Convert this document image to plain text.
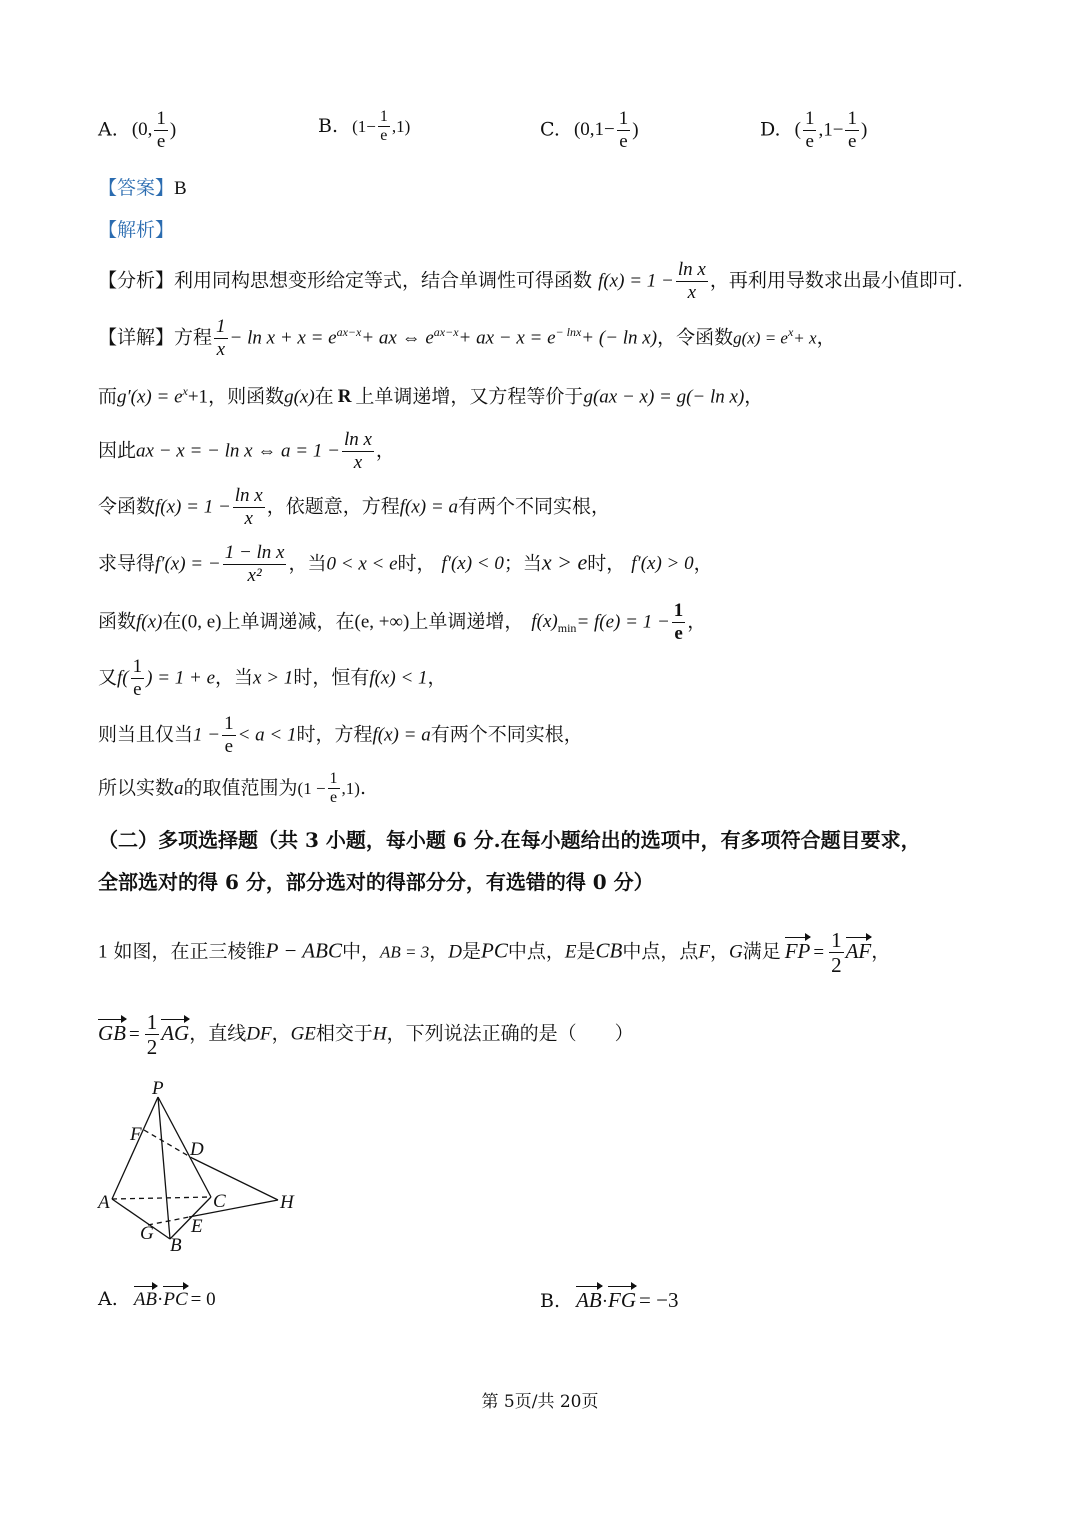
A. (0, $\frac{1}{e}$ )	B. $(1- \frac{1}{e} ,1)$	C. ($0,1- \frac{1}{e}$ )	D. ( $\frac{1}{e} ,1- \frac{1}{e}$ )
【答案】B
【解析】
【分析】利用同构思想变形给定等式，结合单调性可得函数 $f(x) = 1 - \frac{\text{ln x}}{x}$ ，再利用导数求出最小值即可.
【详解】方程 $\frac{1}{x} - \ln x + x = e^{ax-x}+$ ax ⇔ $e^{ax-x}+$ ax − $x = e^{- lnx}+$ (− ln x)，令函数$g(x) = e^x+ x$，
而$g'(x) = e^x+1$，则函数g(x)在 R 上单调递增，又方程等价于g(ax − x) = g(− ln x)，
因此ax − x = − ln x ⇔ $a = 1 - \frac{\text{ln x}}{x}$ ，
令函数$f(x) = 1 - \frac{\text{ln x}}{x}$ ，依题意，方程f(x) = a有两个不同实根，
求导得f′(x) = − $\frac{\text{1 − ln x}}{\text{x²}}$ ，当0 < x < e时， f′(x) < 0；当x > e时， f′(x) > 0，
函数f(x)在(0, e)上单调递减，在(e, +∞)上单调递增， $f(x)_{min}= f(e) = 1 - \frac{1}{e}$ ，
又$f( \frac{1}{e}$ ) = 1 + e，当x > 1时，恒有f(x) < 1，
则当且仅当$1 - \frac{1}{e} < a < 1$时，方程f(x) = a有两个不同实根，
所以实数a的取值范围为$(1 - \frac{1}{e} ,1)$.
（二）多项选择题（共 3 小题，每小题 6 分.在每小题给出的选项中，有多项符合题目要求，
全部选对的得 6 分，部分选对的得部分分，有选错的得 0 分）
1 如图，在正三棱锥P − ABC中，AB = 3，D是PC中点，E是CB中点，点F，G满足 FP = $\frac{1}{2}$ AF，
GB = $\frac{1}{2}$ AG，直线DF，GE相交于H，下列说法正确的是（　　）
P
F
D
A	C	H
G E
B
A. AB·PC = 0	B. AB·FG = −3
第 5页/共 20页
